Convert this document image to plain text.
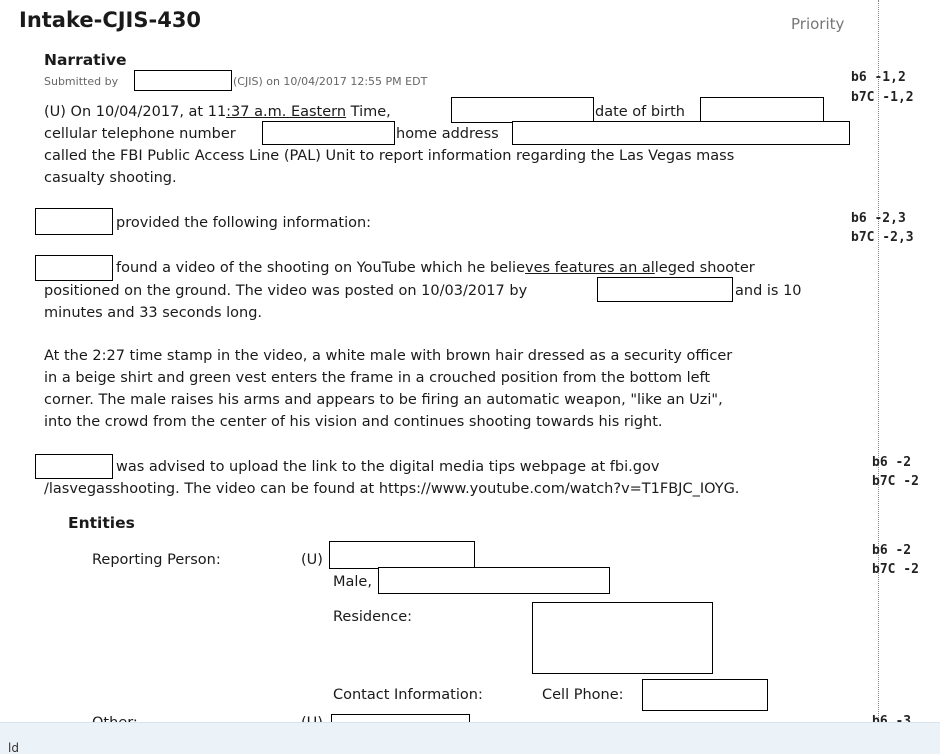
Intake-CJIS-430	Priority
Narrative
Submitted by	(CJIS) on 10/04/2017 12:55 PM EDT
(U) On 10/04/2017, at 11:37 a.m. Eastern Time,	date of birth
cellular telephone number	home address
called the FBI Public Access Line (PAL) Unit to report information regarding the Las Vegas mass
casualty shooting.
b6 -1,2
b7C -1,2
provided the following information:	b6 -2,3
b7C -2,3
found a video of the shooting on YouTube which he believes features an alleged shooter
positioned on the ground. The video was posted on 10/03/2017 by	and is 10
minutes and 33 seconds long.
At the 2:27 time stamp in the video, a white male with brown hair dressed as a security officer
in a beige shirt and green vest enters the frame in a crouched position from the bottom left
corner. The male raises his arms and appears to be firing an automatic weapon, "like an Uzi",
into the crowd from the center of his vision and continues shooting towards his right.
was advised to upload the link to the digital media tips webpage at fbi.gov
/lasvegasshooting. The video can be found at https://www.youtube.com/watch?v=T1FBJC_IOYG.
b6 -2
b7C -2
Entities
Reporting Person:	(U)
b6 -2
b7C -2
Male,
Residence:
Contact Information:	Cell Phone:
ld
